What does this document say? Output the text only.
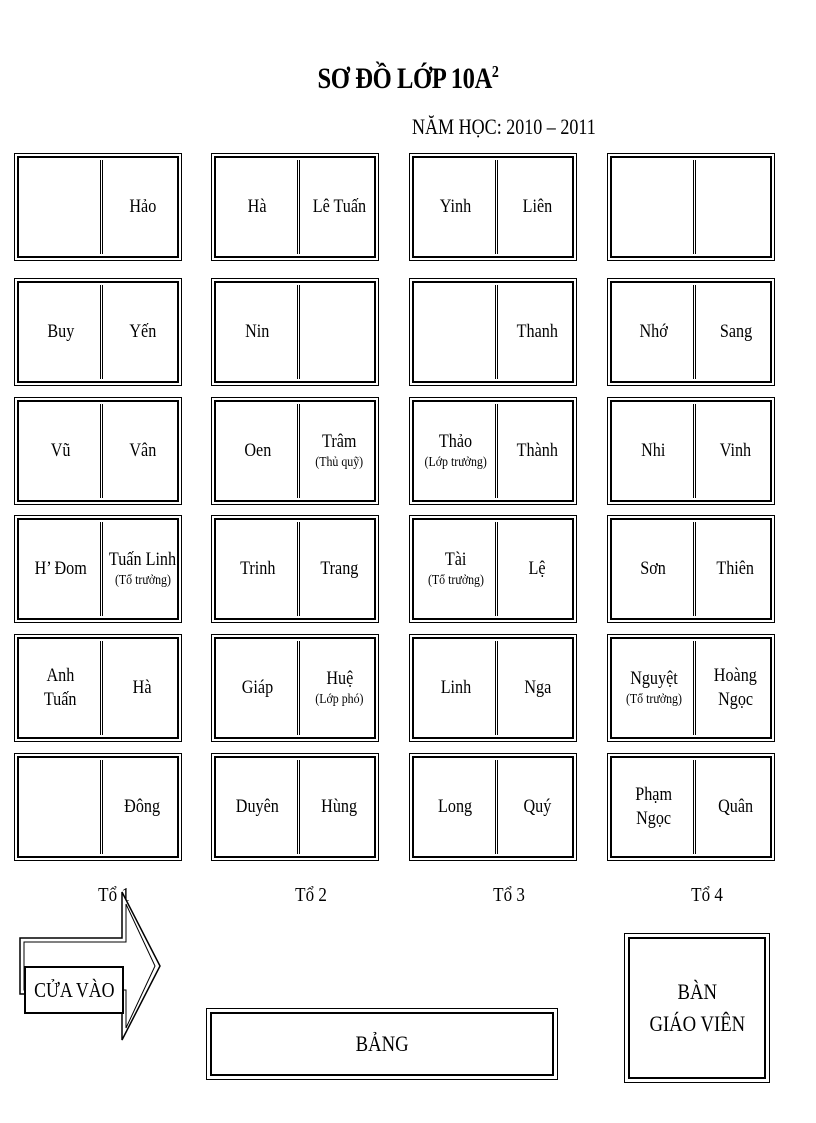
SƠ ĐỒ LỚP $10A^2$
NĂM HỌC: 2010 – 2011
Hảo
Buy	Yến
Vũ	Vân
H’ Đom Tuấn Linh
(Tổ trưởng)
Anh
Tuấn
Hà
Đông
Tổ 1
Hà Lê Tuấn
Nin
Oen	Trâm
(Thủ quỹ)
Trinh Trang
Giáp	Huệ
(Lớp phó)
Duyên Hùng
Tổ 2
Yinh	Liên
Thanh
Thảo
(Lớp trưởng)
Thành
Tài
(Tổ trưởng)
Lệ
Linh	Nga
Long	Quý
Tổ 3
Nhớ	Sang
Nhi	Vinh
Sơn	Thiên
Nguyệt
(Tổ trưởng)
Hoàng
Ngọc
Phạm
Ngọc
Quân
Tổ 4
CỬA VÀO
BẢNG
BÀN
GIÁO VIÊN
